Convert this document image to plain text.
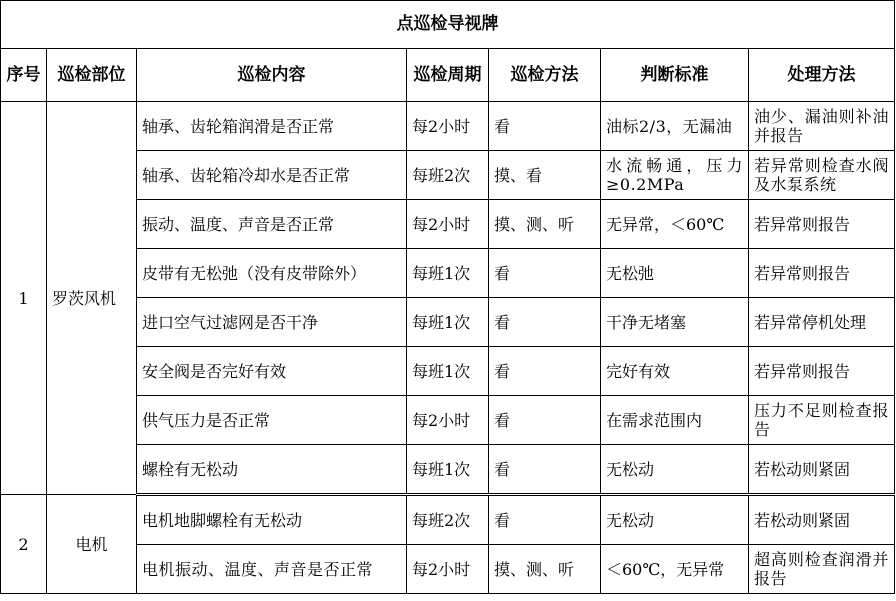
点巡检导视牌						
序号	巡检部位	巡检内容	巡检周期	巡检方法	判断标准	处理方法
1	罗茨风机	轴承、齿轮箱润滑是否正常	每2小时	看	油标2/3，无漏油	油少、漏油则补油并报告
		轴承、齿轮箱冷却水是否正常	每班2次	摸、看	水流畅通，压力≥0.2MPa	若异常则检查水阀及水泵系统
		振动、温度、声音是否正常	每2小时	摸、测、听	无异常，＜60℃	若异常则报告
		皮带有无松弛（没有皮带除外）	每班1次	看	无松弛	若异常则报告
		进口空气过滤网是否干净	每班1次	看	干净无堵塞	若异常停机处理
		安全阀是否完好有效	每班1次	看	完好有效	若异常则报告
		供气压力是否正常	每2小时	看	在需求范围内	压力不足则检查报告
		螺栓有无松动	每班1次	看	无松动	若松动则紧固
2	电机	电机地脚螺栓有无松动	每班2次	看	无松动	若松动则紧固
		电机振动、温度、声音是否正常	每2小时	摸、测、听	＜60℃，无异常	超高则检查润滑并报告
